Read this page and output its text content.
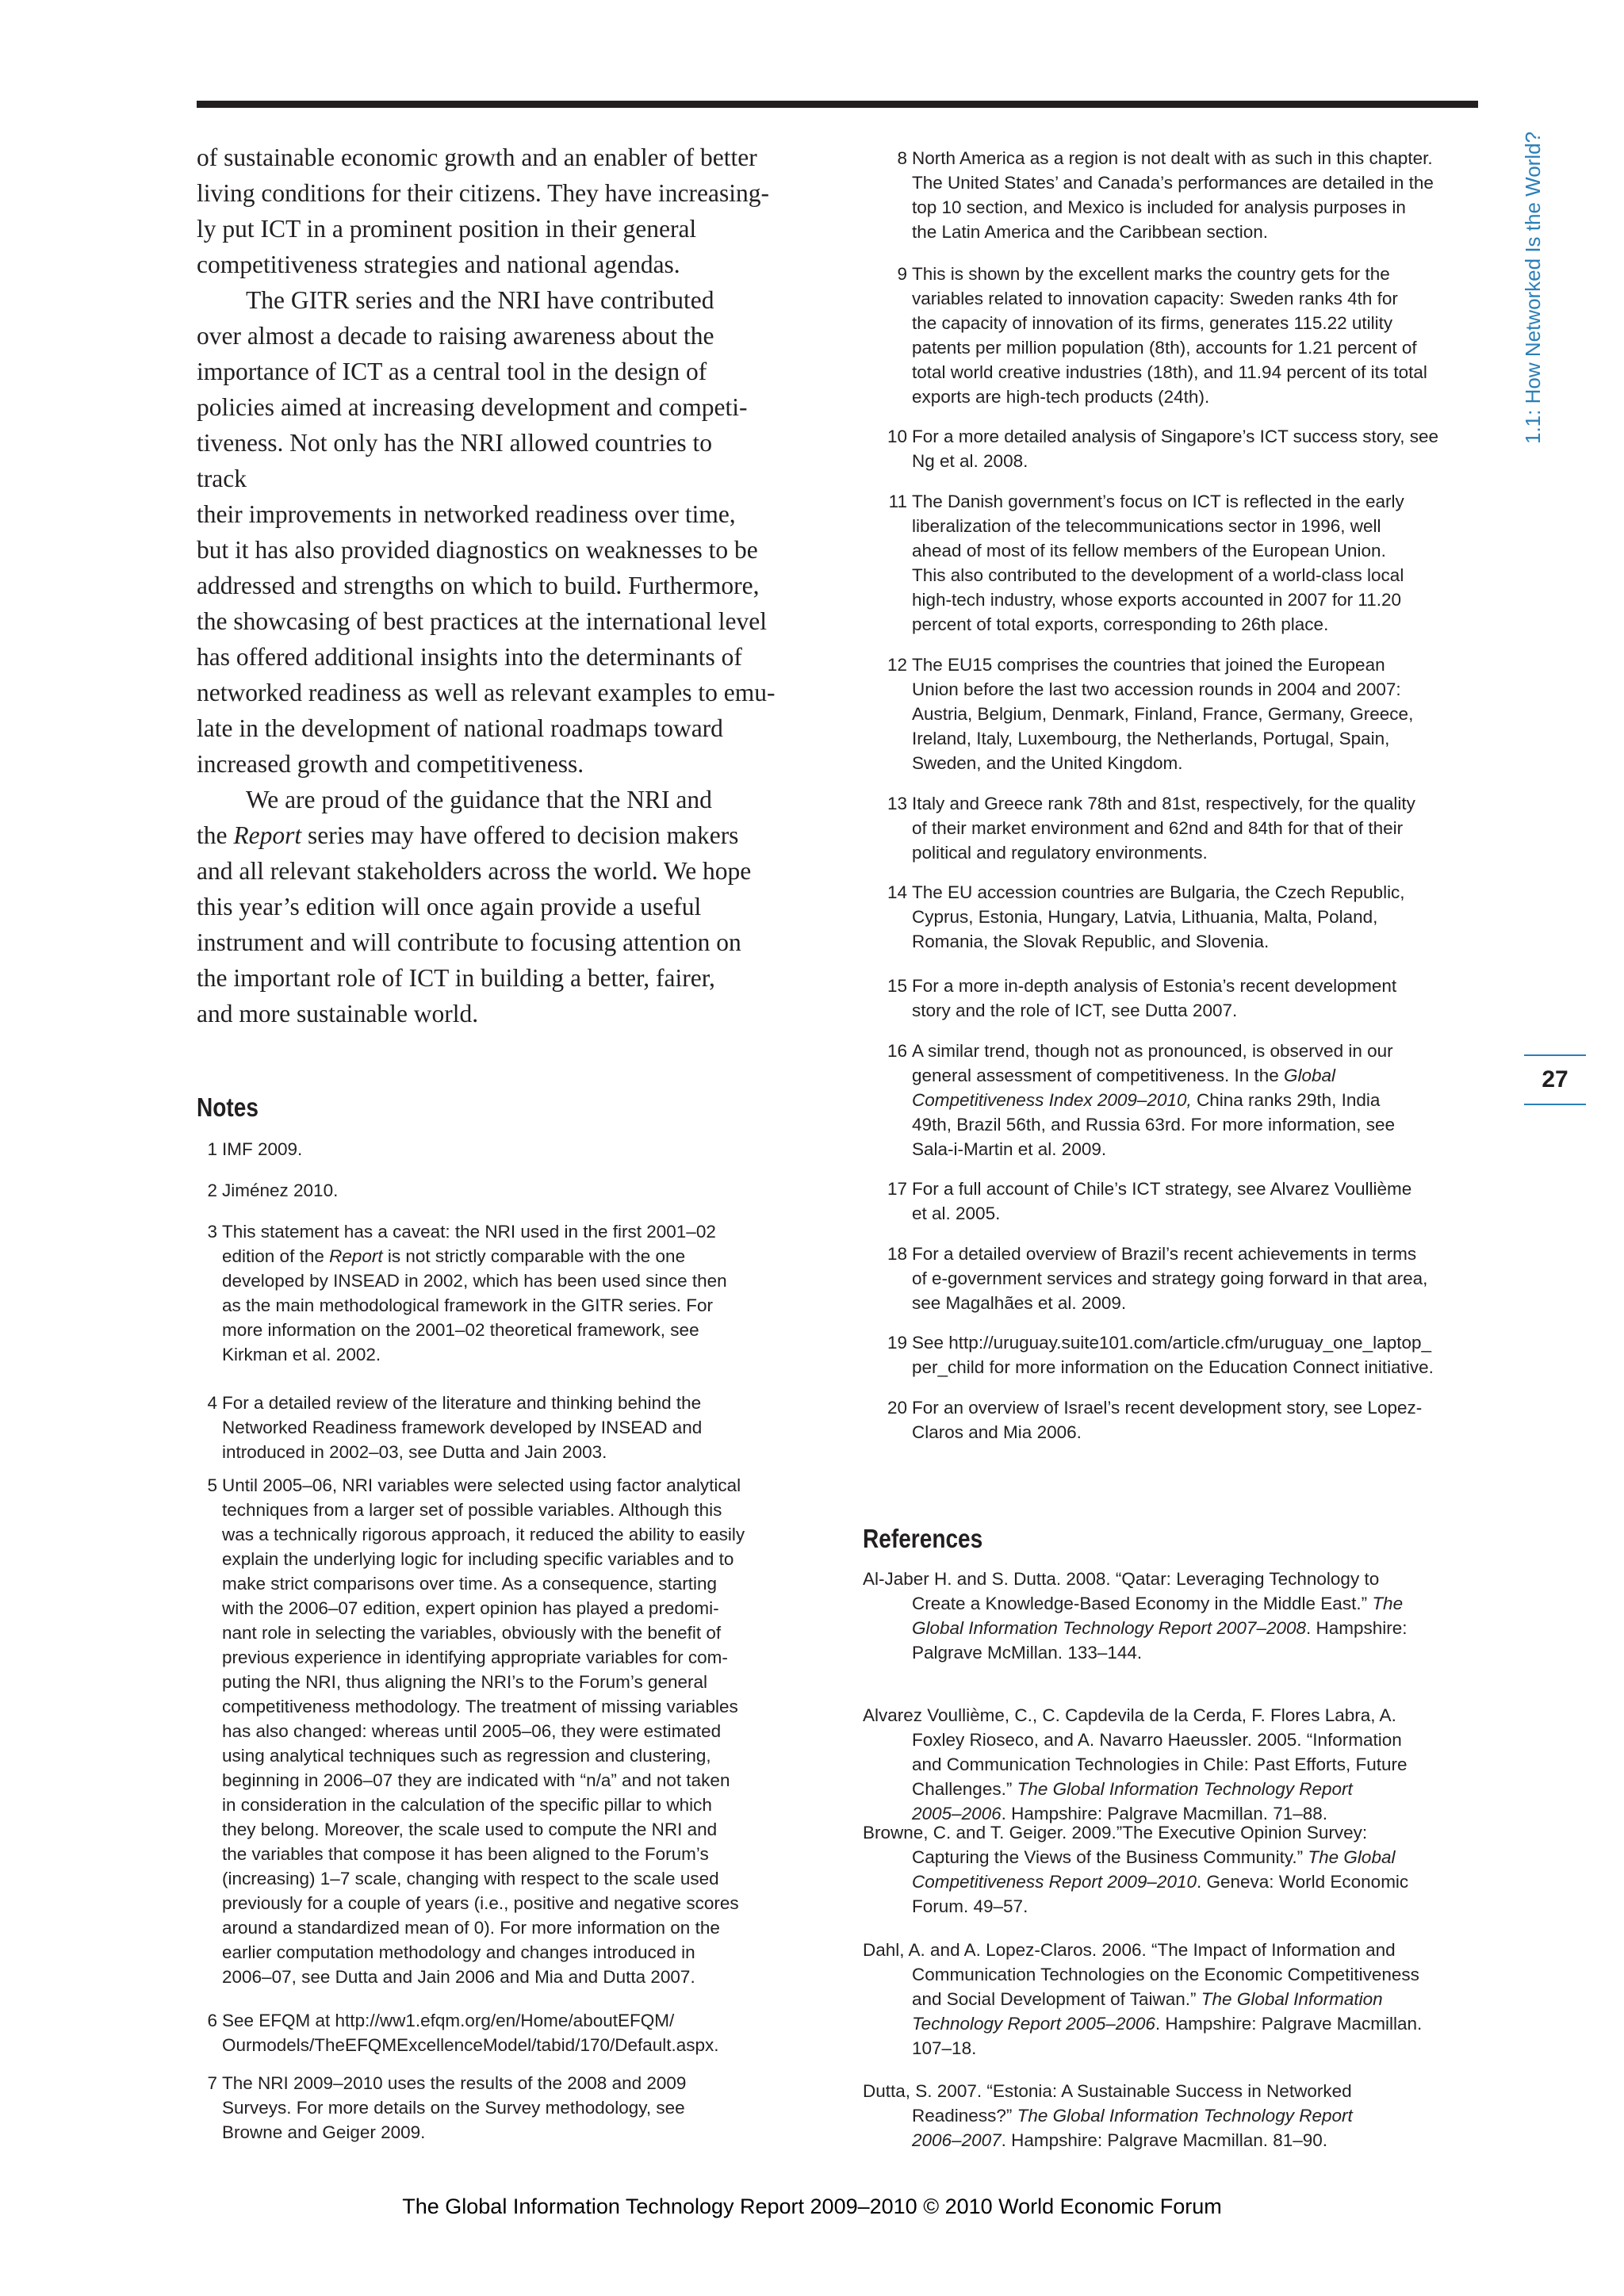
1.1: How Networked Is the World?
27

of sustainable economic growth and an enabler of better
living conditions for their citizens. They have increasing-
ly put ICT in a prominent position in their general
competitiveness strategies and national agendas.

The GITR series and the NRI have contributed
over almost a decade to raising awareness about the
importance of ICT as a central tool in the design of
policies aimed at increasing development and competi-
tiveness. Not only has the NRI allowed countries to
track
their improvements in networked readiness over time,
but it has also provided diagnostics on weaknesses to be
addressed and strengths on which to build. Furthermore,
the showcasing of best practices at the international level
has offered additional insights into the determinants of
networked readiness as well as relevant examples to emu-
late in the development of national roadmaps toward
increased growth and competitiveness.

We are proud of the guidance that the NRI and
the Report series may have offered to decision makers
and all relevant stakeholders across the world. We hope
this year’s edition will once again provide a useful
instrument and will contribute to focusing attention on
the important role of ICT in building a better, fairer,
and more sustainable world.

Notes
1 IMF 2009.
2 Jiménez 2010.
3 This statement has a caveat: the NRI used in the first 2001–02
edition of the Report is not strictly comparable with the one
developed by INSEAD in 2002, which has been used since then
as the main methodological framework in the GITR series. For
more information on the 2001–02 theoretical framework, see
Kirkman et al. 2002.
4 For a detailed review of the literature and thinking behind the
Networked Readiness framework developed by INSEAD and
introduced in 2002–03, see Dutta and Jain 2003.
5 Until 2005–06, NRI variables were selected using factor analytical
techniques from a larger set of possible variables. Although this
was a technically rigorous approach, it reduced the ability to easily
explain the underlying logic for including specific variables and to
make strict comparisons over time. As a consequence, starting
with the 2006–07 edition, expert opinion has played a predomi-
nant role in selecting the variables, obviously with the benefit of
previous experience in identifying appropriate variables for com-
puting the NRI, thus aligning the NRI’s to the Forum’s general
competitiveness methodology. The treatment of missing variables
has also changed: whereas until 2005–06, they were estimated
using analytical techniques such as regression and clustering,
beginning in 2006–07 they are indicated with “n/a” and not taken
in consideration in the calculation of the specific pillar to which
they belong. Moreover, the scale used to compute the NRI and
the variables that compose it has been aligned to the Forum’s
(increasing) 1–7 scale, changing with respect to the scale used
previously for a couple of years (i.e., positive and negative scores
around a standardized mean of 0). For more information on the
earlier computation methodology and changes introduced in
2006–07, see Dutta and Jain 2006 and Mia and Dutta 2007.
6 See EFQM at http://ww1.efqm.org/en/Home/aboutEFQM/
Ourmodels/TheEFQMExcellenceModel/tabid/170/Default.aspx.
7 The NRI 2009–2010 uses the results of the 2008 and 2009
Surveys. For more details on the Survey methodology, see
Browne and Geiger 2009.
8 North America as a region is not dealt with as such in this chapter.
The United States’ and Canada’s performances are detailed in the
top 10 section, and Mexico is included for analysis purposes in
the Latin America and the Caribbean section.
9 This is shown by the excellent marks the country gets for the
variables related to innovation capacity: Sweden ranks 4th for
the capacity of innovation of its firms, generates 115.22 utility
patents per million population (8th), accounts for 1.21 percent of
total world creative industries (18th), and 11.94 percent of its total
exports are high-tech products (24th).
10 For a more detailed analysis of Singapore’s ICT success story, see
Ng et al. 2008.
11 The Danish government’s focus on ICT is reflected in the early
liberalization of the telecommunications sector in 1996, well
ahead of most of its fellow members of the European Union.
This also contributed to the development of a world-class local
high-tech industry, whose exports accounted in 2007 for 11.20
percent of total exports, corresponding to 26th place.
12 The EU15 comprises the countries that joined the European
Union before the last two accession rounds in 2004 and 2007:
Austria, Belgium, Denmark, Finland, France, Germany, Greece,
Ireland, Italy, Luxembourg, the Netherlands, Portugal, Spain,
Sweden, and the United Kingdom.
13 Italy and Greece rank 78th and 81st, respectively, for the quality
of their market environment and 62nd and 84th for that of their
political and regulatory environments.
14 The EU accession countries are Bulgaria, the Czech Republic,
Cyprus, Estonia, Hungary, Latvia, Lithuania, Malta, Poland,
Romania, the Slovak Republic, and Slovenia.
15 For a more in-depth analysis of Estonia’s recent development
story and the role of ICT, see Dutta 2007.
16 A similar trend, though not as pronounced, is observed in our
general assessment of competitiveness. In the Global
Competitiveness Index 2009–2010, China ranks 29th, India
49th, Brazil 56th, and Russia 63rd. For more information, see
Sala-i-Martin et al. 2009.
17 For a full account of Chile’s ICT strategy, see Alvarez Voullième
et al. 2005.
18 For a detailed overview of Brazil’s recent achievements in terms
of e-government services and strategy going forward in that area,
see Magalhães et al. 2009.
19 See http://uruguay.suite101.com/article.cfm/uruguay_one_laptop_
per_child for more information on the Education Connect initiative.
20 For an overview of Israel’s recent development story, see Lopez-
Claros and Mia 2006.
References
Al-Jaber H. and S. Dutta. 2008. “Qatar: Leveraging Technology to
Create a Knowledge-Based Economy in the Middle East.” The
Global Information Technology Report 2007–2008. Hampshire:
Palgrave McMillan. 133–144.
Alvarez Voullième, C., C. Capdevila de la Cerda, F. Flores Labra, A.
Foxley Rioseco, and A. Navarro Haeussler. 2005. “Information
and Communication Technologies in Chile: Past Efforts, Future
Challenges.” The Global Information Technology Report
2005–2006. Hampshire: Palgrave Macmillan. 71–88.
Browne, C. and T. Geiger. 2009.”The Executive Opinion Survey:
Capturing the Views of the Business Community.” The Global
Competitiveness Report 2009–2010. Geneva: World Economic
Forum. 49–57.
Dahl, A. and A. Lopez-Claros. 2006. “The Impact of Information and
Communication Technologies on the Economic Competitiveness
and Social Development of Taiwan.” The Global Information
Technology Report 2005–2006. Hampshire: Palgrave Macmillan.
107–18.
Dutta, S. 2007. “Estonia: A Sustainable Success in Networked
Readiness?” The Global Information Technology Report
2006–2007. Hampshire: Palgrave Macmillan. 81–90.
The Global Information Technology Report 2009–2010 © 2010 World Economic Forum
